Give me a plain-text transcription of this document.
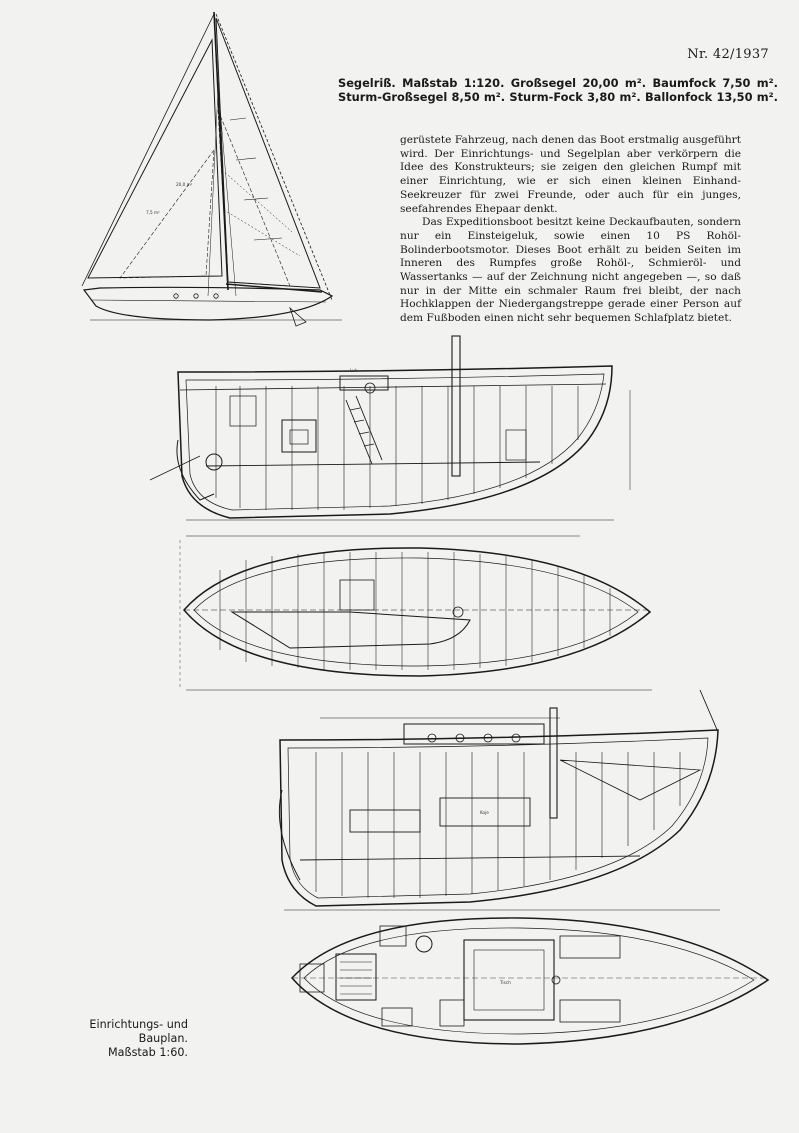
Nr. 42/1937
Segelriß. Maßstab 1:120. Großsegel 20,00 m². Baumfock 7,50 m².
Sturm-Großsegel 8,50 m². Sturm-Fock 3,80 m². Ballonfock 13,50 m².

gerüstete Fahrzeug, nach denen das Boot erstmalig ausgeführt wird. Der Einrichtungs- und Segelplan aber verkörpern die Idee des Konstrukteurs; sie zeigen den gleichen Rumpf mit einer Einrichtung, wie er sich einen kleinen Einhand-Seekreuzer für zwei Freunde, oder auch für ein junges, seefahrendes Ehepaar denkt.

Das Expeditionsboot besitzt keine Deckaufbauten, sondern nur ein Einsteigeluk, sowie einen 10 PS Rohöl-Bolinderbootsmotor. Dieses Boot erhält zu beiden Seiten im Inneren des Rumpfes große Rohöl-, Schmieröl- und Wassertanks — auf der Zeichnung nicht angegeben —, so daß nur in der Mitte ein schmaler Raum frei bleibt, der nach Hochklappen der Niedergangstreppe gerade einer Person auf dem Fußboden einen nicht sehr bequemen Schlafplatz bietet.

Einrichtungs- und Bauplan.
Maßstab 1:60.
20,0 m²
7,5 m²
Koje
Tisch
Luk
